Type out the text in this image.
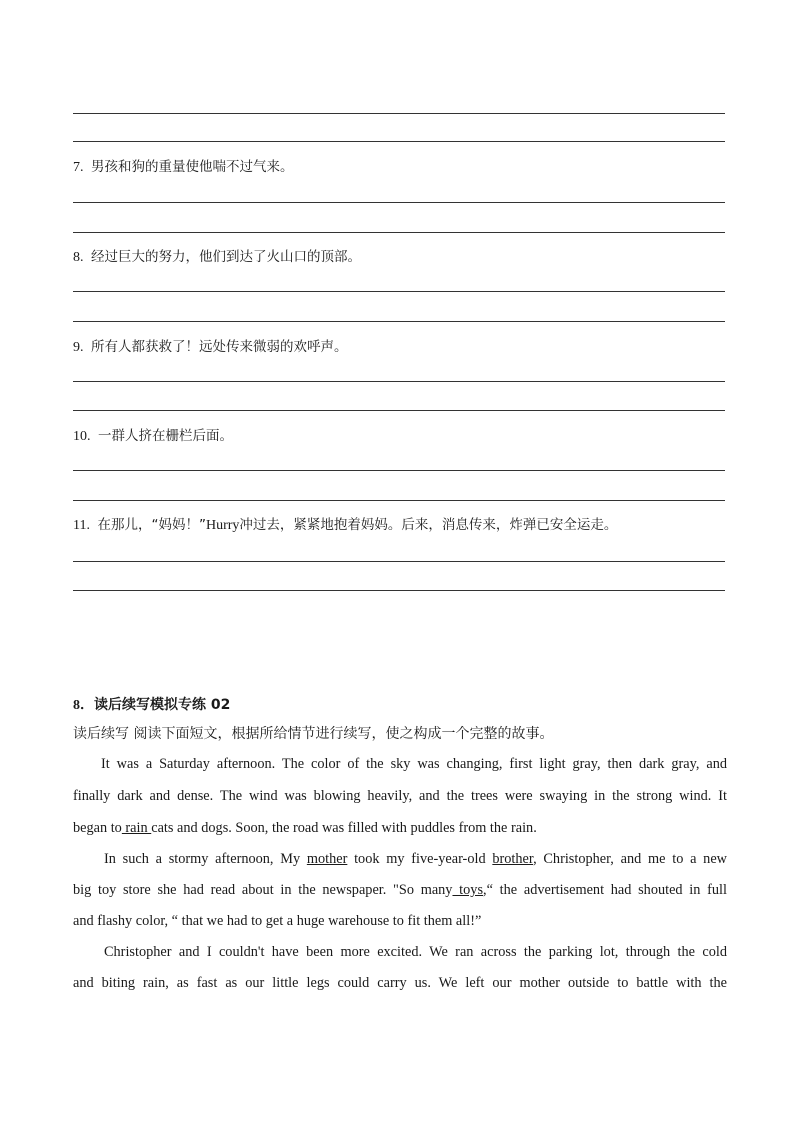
7. 男孩和狗的重量使他喘不过气来。
8. 经过巨大的努力，他们到达了火山口的顶部。
9. 所有人都获救了！远处传来微弱的欢呼声。
10. 一群人挤在栅栏后面。
11. 在那儿，“妈妈！”Hurry冲过去，紧紧地抱着妈妈。后来，消息传来，炸弹已安全运走。
8．读后续写模拟专练 02
读后续写 阅读下面短文，根据所给情节进行续写，使之构成一个完整的故事。
It was a Saturday afternoon. The color of the sky was changing, first light gray, then dark gray, and
finally dark and dense. The wind was blowing heavily, and the trees were swaying in the strong wind. It
began to rain cats and dogs. Soon, the road was filled with puddles from the rain.
In such a stormy afternoon, My mother took my five-year-old brother, Christopher, and me to a new
big toy store she had read about in the newspaper. "So many toys,“ the advertisement had shouted in full
and flashy color, “ that we had to get a huge warehouse to fit them all!”
Christopher and I couldn't have been more excited. We ran across the parking lot, through the cold
and biting rain, as fast as our little legs could carry us. We left our mother outside to battle with the
